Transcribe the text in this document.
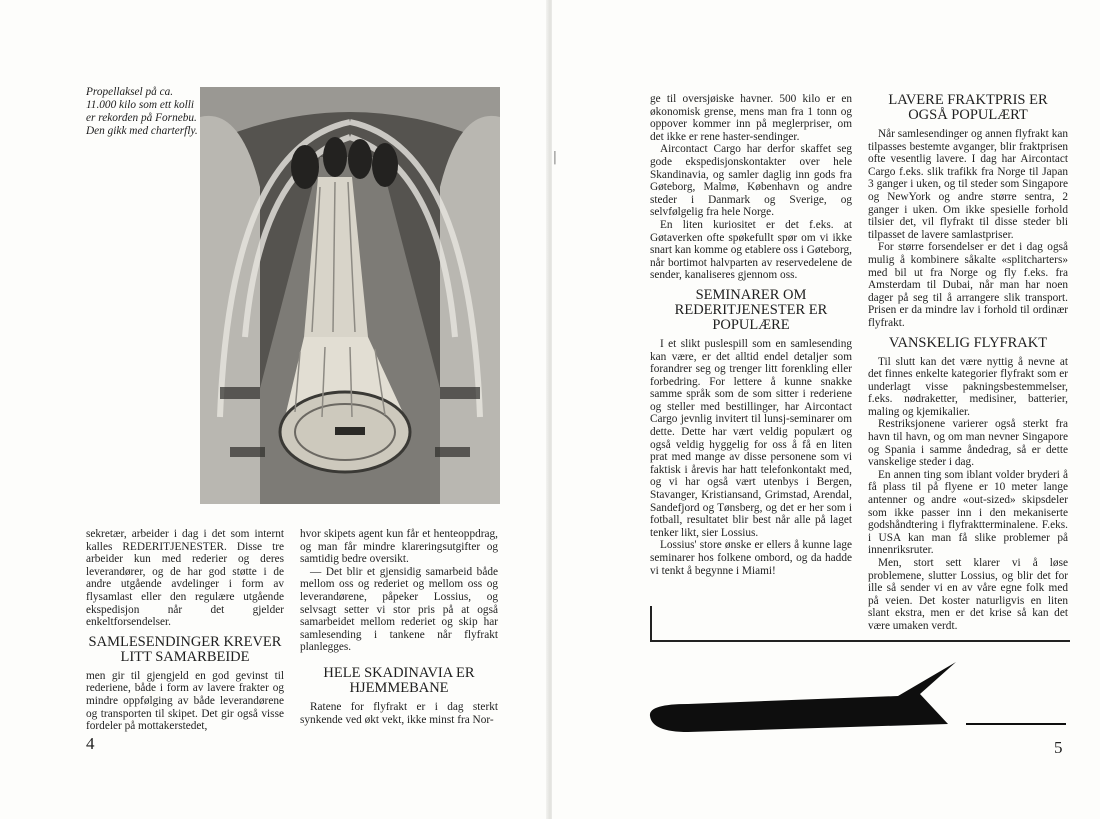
Propellaksel på ca. 11.000 kilo som ett kolli er rekorden på Fornebu. Den gikk med charterfly.

sekretær, arbeider i dag i det som internt kalles REDERITJENESTER. Disse tre arbeider kun med rederier og deres leverandører, og de har god støtte i de andre utgående avdelinger i form av flysamlast eller den regulære utgående ekspedisjon når det gjelder enkeltforsendelser.

SAMLESENDINGER KREVER LITT SAMARBEIDE

men gir til gjengjeld en god gevinst til rederiene, både i form av lavere frakter og mindre oppfølging av både leverandørene og transporten til skipet. Det gir også visse fordeler på mottakerstedet,

hvor skipets agent kun får et henteoppdrag, og man får mindre klareringsutgifter og samtidig bedre oversikt.

— Det blir et gjensidig samarbeid både mellom oss og rederiet og mellom oss og leverandørene, påpeker Lossius, og selvsagt setter vi stor pris på at også samarbeidet mellom rederiet og skip har samlesending i tankene når flyfrakt planlegges.

HELE SKADINAVIA ER HJEMMEBANE

Ratene for flyfrakt er i dag sterkt synkende ved økt vekt, ikke minst fra Nor-

4
│

ge til oversjøiske havner. 500 kilo er en økonomisk grense, mens man fra 1 tonn og oppover kommer inn på meglerpriser, om det ikke er rene haster-sendinger.

Aircontact Cargo har derfor skaffet seg gode ekspedisjonskontakter over hele Skandinavia, og samler daglig inn gods fra Gøteborg, Malmø, København og andre steder i Danmark og Sverige, og selvfølgelig fra hele Norge.

En liten kuriositet er det f.eks. at Gøtaverken ofte spøkefullt spør om vi ikke snart kan komme og etablere oss i Gøteborg, når bortimot halvparten av reservedelene de sender, kanaliseres gjennom oss.

SEMINARER OM REDERITJENESTER ER POPULÆRE

I et slikt puslespill som en samlesending kan være, er det alltid endel detaljer som forandrer seg og trenger litt forenkling eller forbedring. For lettere å kunne snakke samme språk som de som sitter i rederiene og steller med bestillinger, har Aircontact Cargo jevnlig invitert til lunsj-seminarer om dette. Dette har vært veldig populært og også veldig hyggelig for oss å få en liten prat med mange av disse personene som vi faktisk i årevis har hatt telefonkontakt med, og vi har også vært utenbys i Bergen, Stavanger, Kristiansand, Grimstad, Arendal, Sandefjord og Tønsberg, og det er her som i fotball, resultatet blir best når alle på laget tenker likt, sier Lossius.

Lossius' store ønske er ellers å kunne lage seminarer hos folkene ombord, og da hadde vi tenkt å begynne i Miami!

LAVERE FRAKTPRIS ER OGSÅ POPULÆRT

Når samlesendinger og annen flyfrakt kan tilpasses bestemte avganger, blir fraktprisen ofte vesentlig lavere. I dag har Aircontact Cargo f.eks. slik trafikk fra Norge til Japan 3 ganger i uken, og til steder som Singapore og NewYork og andre større sentra, 2 ganger i uken. Om ikke spesielle forhold tilsier det, vil flyfrakt til disse steder bli tilpasset de lavere samlastpriser.

For større forsendelser er det i dag også mulig å kombinere såkalte «splitcharters» med bil ut fra Norge og fly f.eks. fra Amsterdam til Dubai, når man har noen dager på seg til å arrangere slik transport. Prisen er da mindre lav i forhold til ordinær flyfrakt.

VANSKELIG FLYFRAKT

Til slutt kan det være nyttig å nevne at det finnes enkelte kategorier flyfrakt som er underlagt visse pakningsbestemmelser, f.eks. nødraketter, medisiner, batterier, maling og kjemikalier.

Restriksjonene varierer også sterkt fra havn til havn, og om man nevner Singapore og Spania i samme åndedrag, så er dette vanskelige steder i dag.

En annen ting som iblant volder bryderi å få plass til på flyene er 10 meter lange antenner og andre «out-sized» skipsdeler som ikke passer inn i den mekaniserte godshåndtering i flyfraktterminalene. F.eks. i USA kan man få slike problemer på innenriksruter.

Men, stort sett klarer vi å løse problemene, slutter Lossius, og blir det for ille så sender vi en av våre egne folk med på veien. Det koster naturligvis en liten slant ekstra, men er det krise så kan det være umaken verdt.

5
